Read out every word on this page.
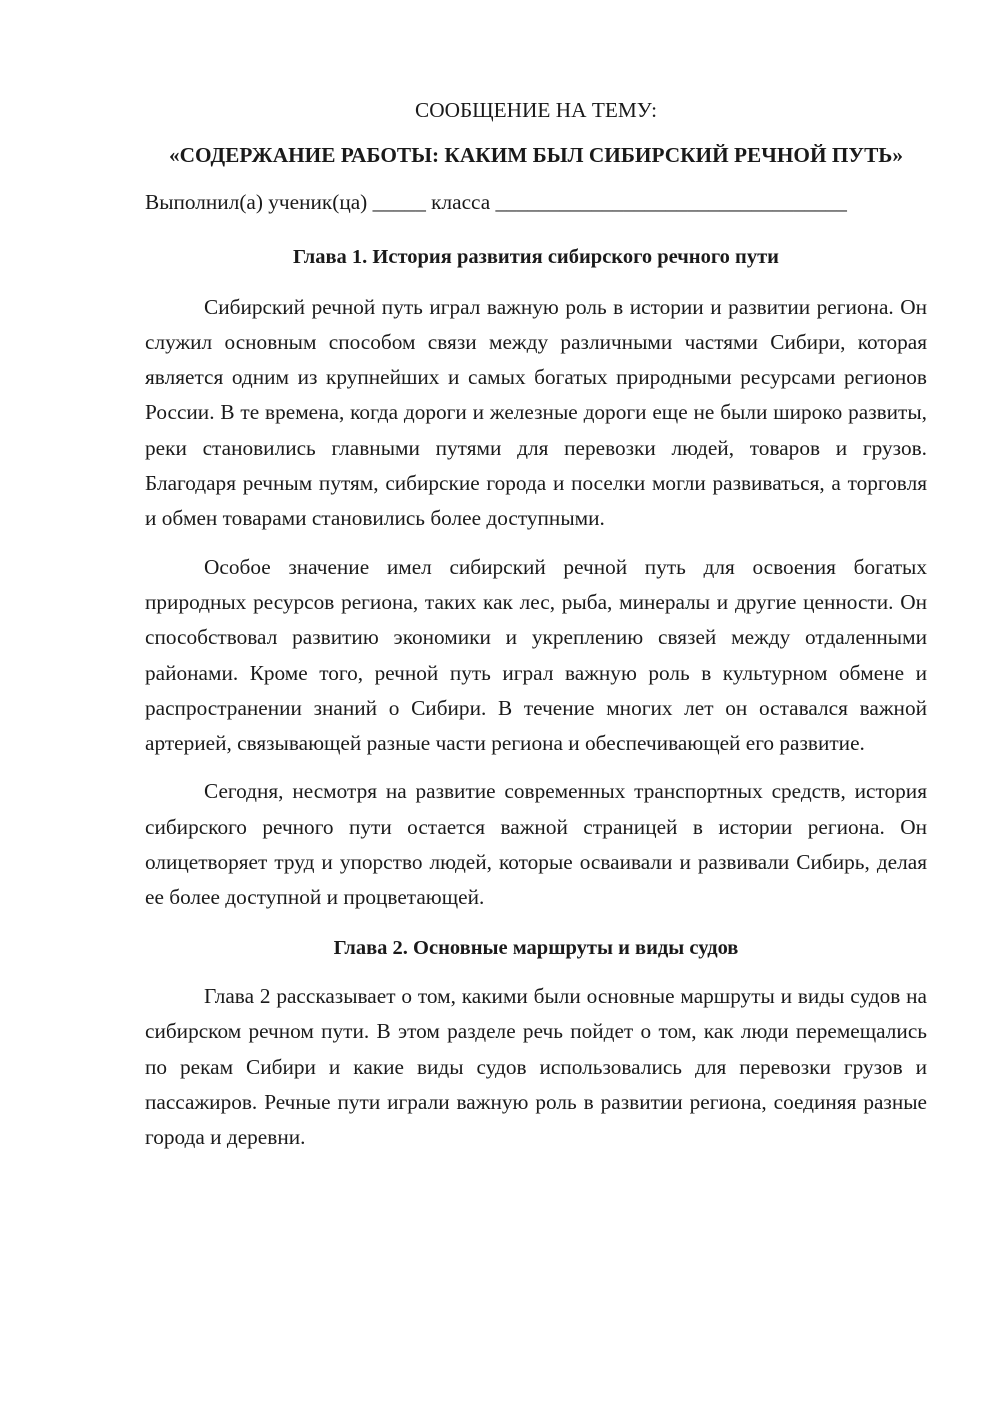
СООБЩЕНИЕ НА ТЕМУ:

«СОДЕРЖАНИЕ РАБОТЫ: КАКИМ БЫЛ СИБИРСКИЙ РЕЧНОЙ ПУТЬ»

Выполнил(а) ученик(ца) _____ класса _________________________________

Глава 1. История развития сибирского речного пути

Сибирский речной путь играл важную роль в истории и развитии региона. Он служил основным способом связи между различными частями Сибири, которая является одним из крупнейших и самых богатых природными ресурсами регионов России. В те времена, когда дороги и железные дороги еще не были широко развиты, реки становились главными путями для перевозки людей, товаров и грузов. Благодаря речным путям, сибирские города и поселки могли развиваться, а торговля и обмен товарами становились более доступными.

Особое значение имел сибирский речной путь для освоения богатых природных ресурсов региона, таких как лес, рыба, минералы и другие ценности. Он способствовал развитию экономики и укреплению связей между отдаленными районами. Кроме того, речной путь играл важную роль в культурном обмене и распространении знаний о Сибири. В течение многих лет он оставался важной артерией, связывающей разные части региона и обеспечивающей его развитие.

Сегодня, несмотря на развитие современных транспортных средств, история сибирского речного пути остается важной страницей в истории региона. Он олицетворяет труд и упорство людей, которые осваивали и развивали Сибирь, делая ее более доступной и процветающей.

Глава 2. Основные маршруты и виды судов

Глава 2 рассказывает о том, какими были основные маршруты и виды судов на сибирском речном пути. В этом разделе речь пойдет о том, как люди перемещались по рекам Сибири и какие виды судов использовались для перевозки грузов и пассажиров. Речные пути играли важную роль в развитии региона, соединяя разные города и деревни.
